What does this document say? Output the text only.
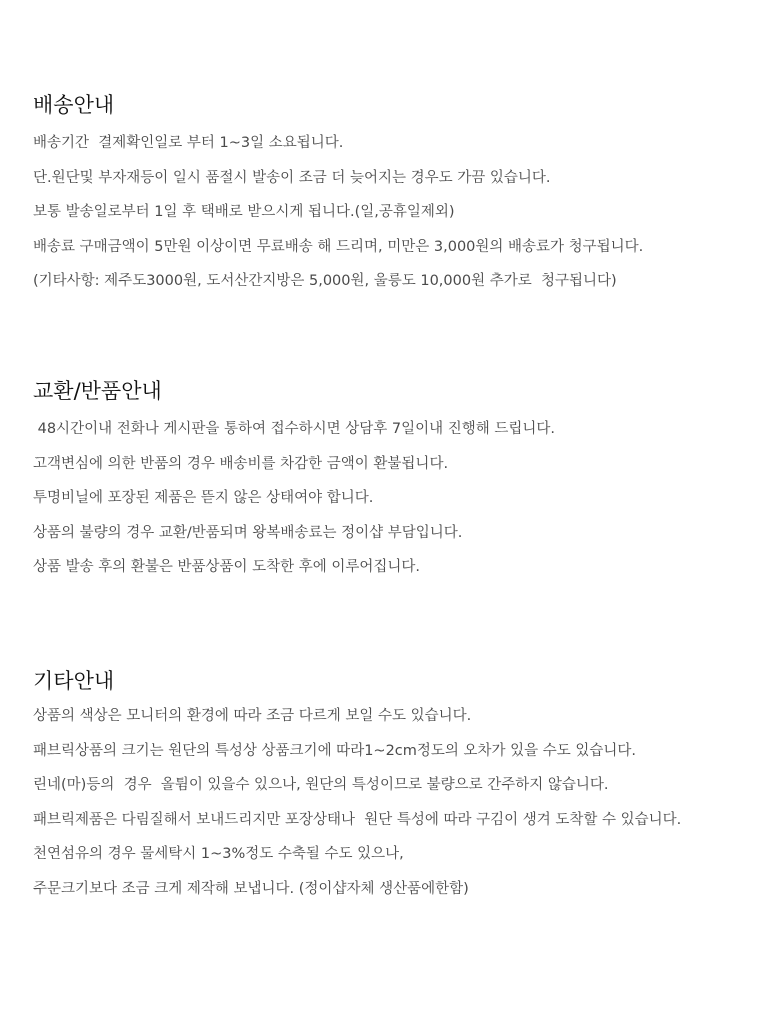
배송안내
배송기간  결제확인일로 부터 1~3일 소요됩니다.
단.원단및 부자재등이 일시 품절시 발송이 조금 더 늦어지는 경우도 가끔 있습니다.
보통 발송일로부터 1일 후 택배로 받으시게 됩니다.(일,공휴일제외)
배송료 구매금액이 5만원 이상이면 무료배송 해 드리며, 미만은 3,000원의 배송료가 청구됩니다.
(기타사항: 제주도3000원, 도서산간지방은 5,000원, 울릉도 10,000원 추가로  청구됩니다)
교환/반품안내
48시간이내 전화나 게시판을 통하여 접수하시면 상담후 7일이내 진행해 드립니다.
고객변심에 의한 반품의 경우 배송비를 차감한 금액이 환불됩니다.
투명비닐에 포장된 제품은 뜯지 않은 상태여야 합니다.
상품의 불량의 경우 교환/반품되며 왕복배송료는 정이샵 부담입니다.
상품 발송 후의 환불은 반품상품이 도착한 후에 이루어집니다.
기타안내
상품의 색상은 모니터의 환경에 따라 조금 다르게 보일 수도 있습니다.
패브릭상품의 크기는 원단의 특성상 상품크기에 따라1~2cm정도의 오차가 있을 수도 있습니다.
린네(마)등의  경우  올튐이 있을수 있으나, 원단의 특성이므로 불량으로 간주하지 않습니다.
패브릭제품은 다림질해서 보내드리지만 포장상태나  원단 특성에 따라 구김이 생겨 도착할 수 있습니다.
천연섬유의 경우 물세탁시 1~3%정도 수축될 수도 있으나,
주문크기보다 조금 크게 제작해 보냅니다. (정이샵자체 생산품에한함)
